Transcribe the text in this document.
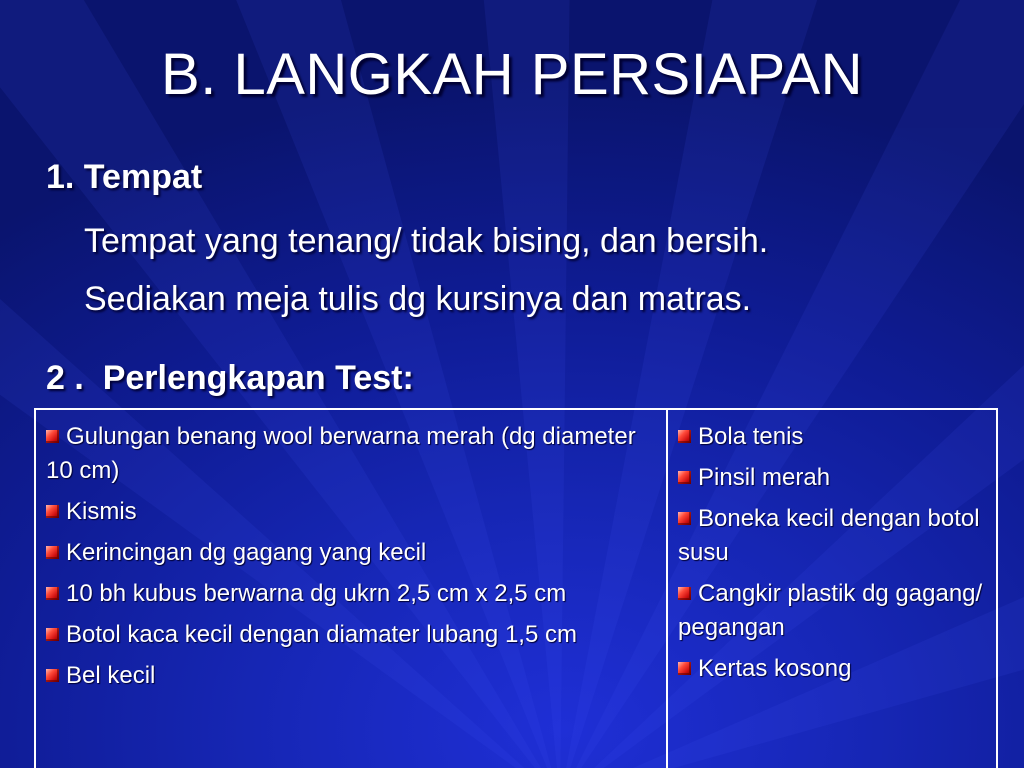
B. LANGKAH PERSIAPAN
1. Tempat
Tempat yang tenang/ tidak bising, dan bersih.
Sediakan meja tulis dg kursinya dan matras.
2 .  Perlengkapan Test:
Gulungan benang wool berwarna merah (dg diameter 10 cm)
Kismis
Kerincingan dg gagang yang kecil
10 bh kubus berwarna dg ukrn 2,5 cm x 2,5 cm
Botol kaca kecil dengan diamater lubang 1,5 cm
Bel kecil
Bola tenis
Pinsil merah
Boneka kecil dengan botol susu
Cangkir plastik dg gagang/ pegangan
Kertas kosong
